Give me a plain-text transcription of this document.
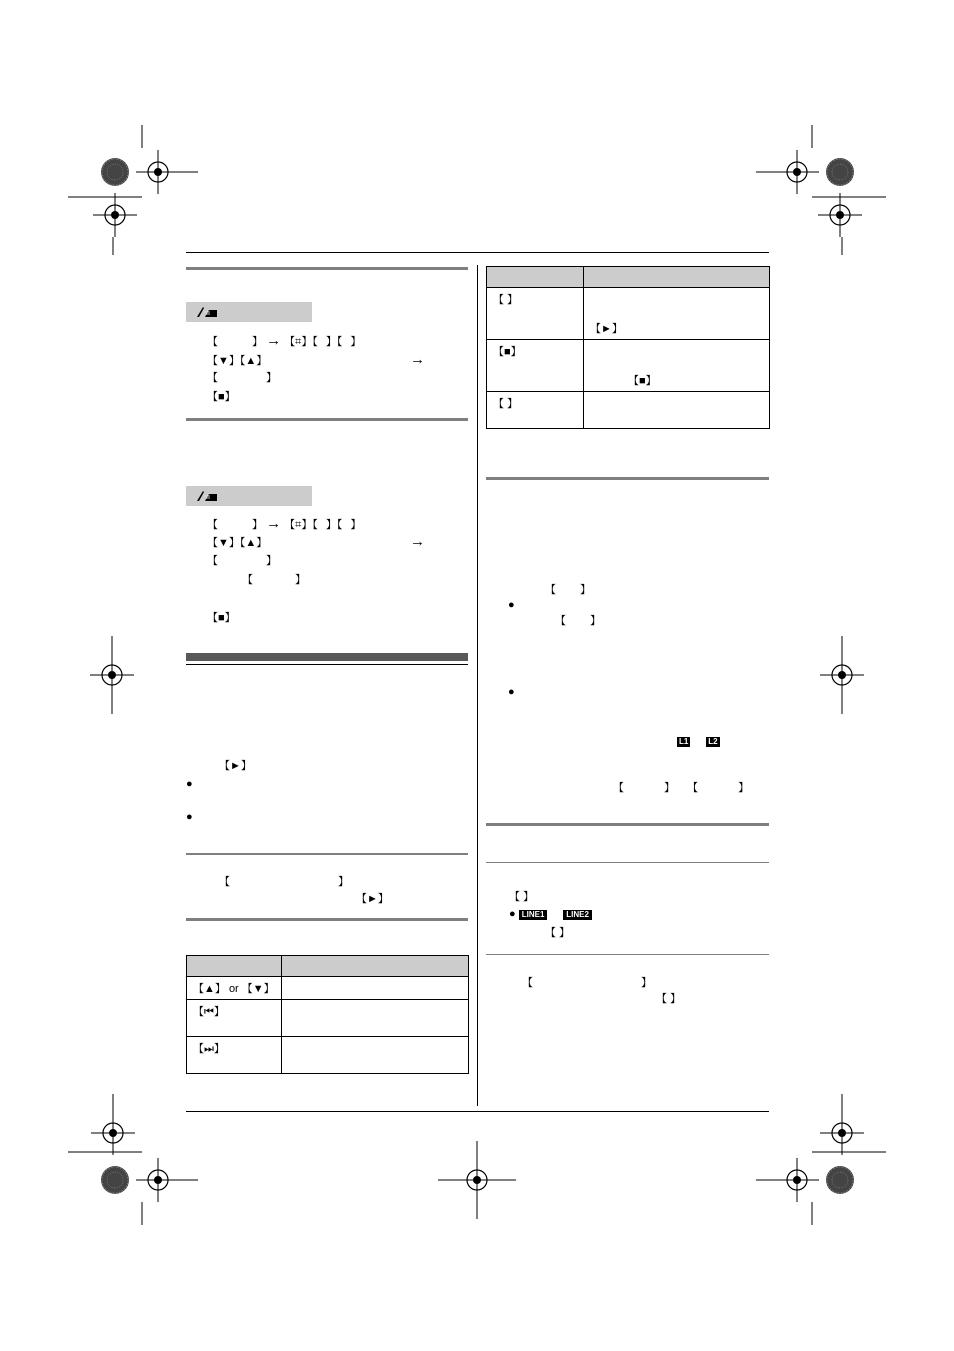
【	】 → 【⌗】【 】【 】
【▼】【▲】	→
【	】
【■】
【	】 → 【⌗】【 】【 】
【▼】【▲】	→
【	】
【	】
【■】
【►】
●
●
【	】
【►】

【▲】 or 【▼】	
【⏮】	
【⏭】	

【 】	【►】
【■】	【■】
【 】	
【 】
●
【 】
●
L1 or L2
【	】 【	】
【 】
● LINE1 or LINE2
【 】
【	】
【 】
